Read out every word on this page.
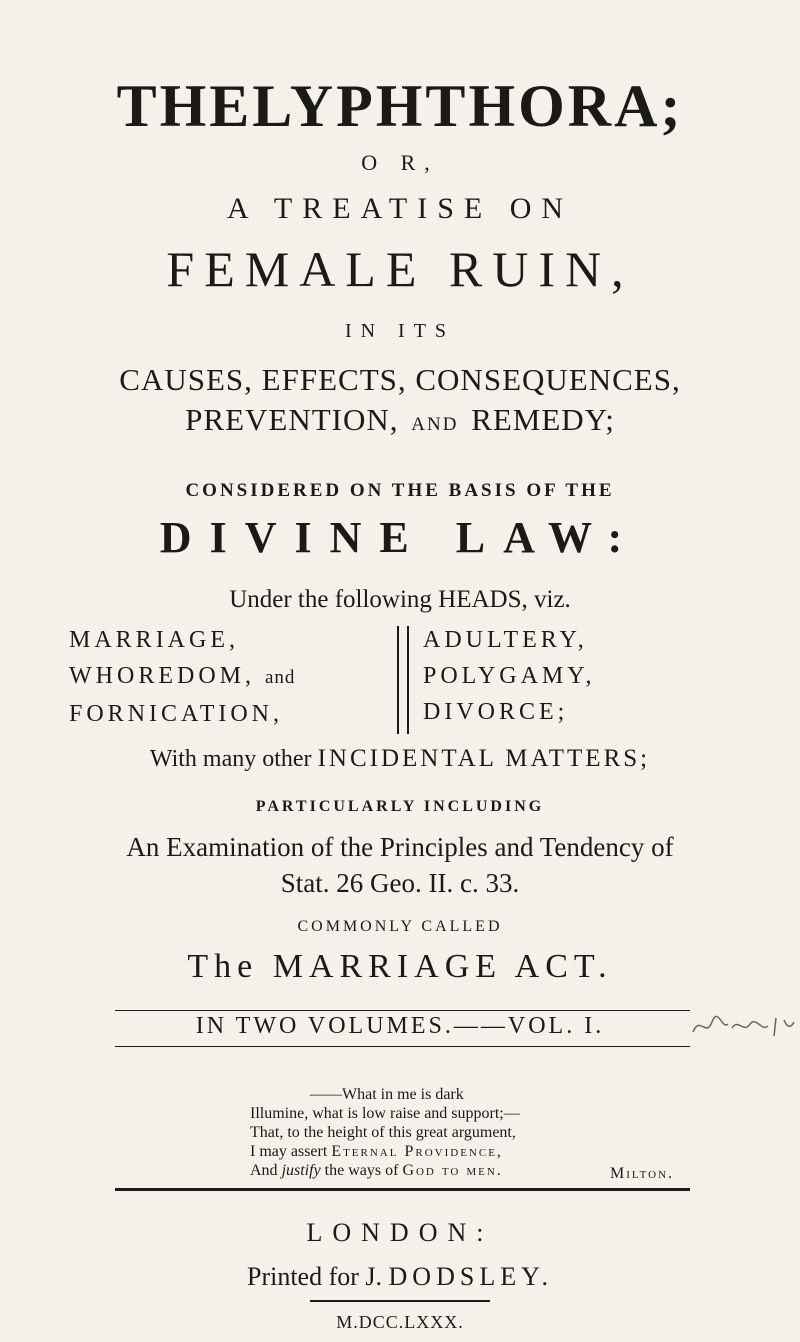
THELYPHTHORA;
O R,
A TREATISE ON
FEMALE RUIN,
IN ITS
CAUSES, EFFECTS, CONSEQUENCES,
PREVENTION, AND REMEDY;
CONSIDERED ON THE BASIS OF THE
DIVINE LAW:
Under the following HEADS, viz.
MARRIAGE,
WHOREDOM, and
FORNICATION,
ADULTERY,
POLYGAMY,
DIVORCE;
With many other INCIDENTAL MATTERS;
PARTICULARLY INCLUDING
An Examination of the Principles and Tendency of
Stat. 26 Geo. II. c. 33.
COMMONLY CALLED
The MARRIAGE ACT.
IN TWO VOLUMES.——VOL. I.
——What in me is dark
Illumine, what is low raise and support;—
That, to the height of this great argument,
I may assert Eternal Providence,
And justify the ways of God to men.	Milton.
LONDON:
Printed for J. DODSLEY.
M.DCC.LXXX.
